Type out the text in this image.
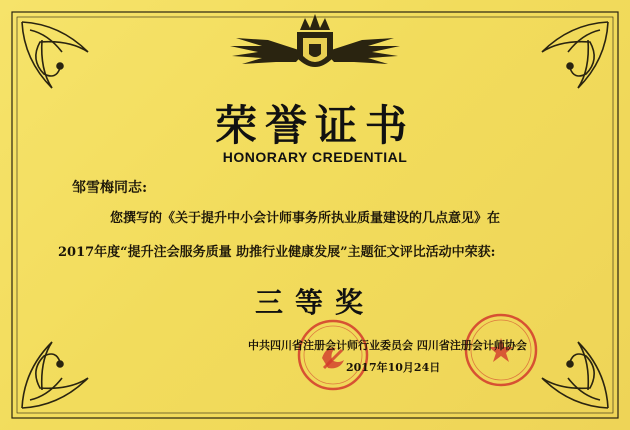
荣誉证书
HONORARY CREDENTIAL
邹雪梅同志:
您撰写的《关于提升中小会计师事务所执业质量建设的几点意见》在
2017年度“提升注会服务质量 助推行业健康发展”主题征文评比活动中荣获:
三等奖
中共四川省注册会计师行业委员会 四川省注册会计师协会
2017年10月24日
